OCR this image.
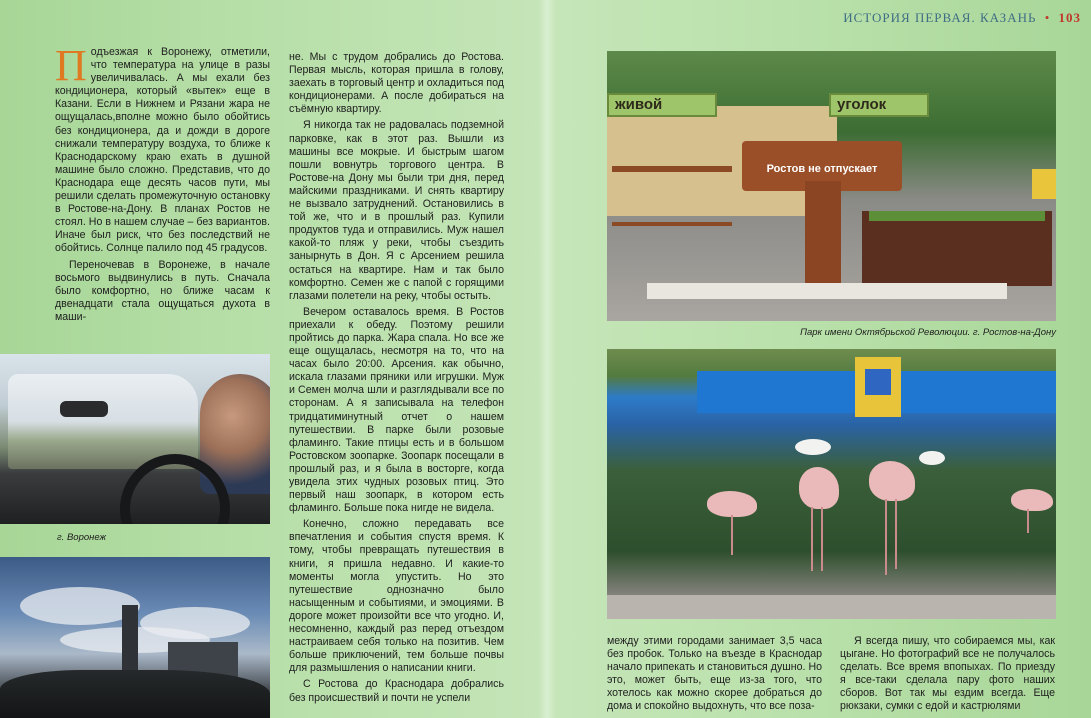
ИСТОРИЯ ПЕРВАЯ. КАЗАНЬ • 103

Подъезжая к Воронежу, отметили, что температура на улице в разы увеличивалась. А мы ехали без кондиционера, который «вытек» еще в Казани. Если в Нижнем и Рязани жара не ощущалась,вполне можно было обойтись без кондиционера, да и дожди в дороге снижали температуру воздуха, то ближе к Краснодарскому краю ехать в душной машине было сложно. Представив, что до Краснодара еще десять часов пути, мы решили сделать промежуточную остановку в Ростове-на-Дону. В планах Ростов не стоял. Но в нашем случае – без вариантов. Иначе был риск, что без последствий не обойтись. Солнце палило под 45 градусов.

Переночевав в Воронеже, в начале восьмого выдвинулись в путь. Сначала было комфортно, но ближе часам к двенадцати стала ощущаться духота в маши-

не. Мы с трудом добрались до Ростова. Первая мысль, которая пришла в голову, заехать в торговый центр и охладиться под кондиционерами. А после добираться на съёмную квартиру.

Я никогда так не радовалась подземной парковке, как в этот раз. Вышли из машины все мокрые. И быстрым шагом пошли вовнутрь торгового центра. В Ростове-на Дону мы были три дня, перед майскими праздниками. И снять квартиру не вызвало затруднений. Остановились в той же, что и в прошлый раз. Купили продуктов туда и отправились. Муж нашел какой-то пляж у реки, чтобы съездить занырнуть в Дон. Я с Арсением решила остаться на квартире. Нам и так было комфортно. Семен же с папой с горящими глазами полетели на реку, чтобы остыть.

Вечером оставалось время. В Ростов приехали к обеду. Поэтому решили пройтись до парка. Жара спала. Но все же еще ощущалась, несмотря на то, что на часах было 20:00. Арсения. как обычно, искала глазами пряники или игрушки. Муж и Семен молча шли и разглядывали все по сторонам. А я записывала на телефон тридцатиминутный отчет о нашем путешествии. В парке были розовые фламинго. Такие птицы есть и в большом Ростовском зоопарке. Зоопарк посещали в прошлый раз, и я была в восторге, когда увидела этих чудных розовых птиц. Это первый наш зоопарк, в котором есть фламинго. Больше пока нигде не видела.

Конечно, сложно передавать все впечатления и события спустя время. К тому, чтобы превращать путешествия в книги, я пришла недавно. И какие-то моменты могла упустить. Но это путешествие однозначно было насыщенным и событиями, и эмоциями. В дороге может произойти все что угодно. И, несомненно, каждый раз перед отъездом настраиваем себя только на позитив. Чем больше приключений, тем больше почвы для размышления о написании книги.

С Ростова до Краснодара добрались без происшествий и почти не успели

г. Воронеж
живой	уголок
Ростов не отпускает
Парк имени Октябрьской Революции. г. Ростов-на-Дону

между этими городами занимает 3,5 часа без пробок. Только на въезде в Краснодар начало припекать и становиться душно. Но это, может быть, еще из-за того, что хотелось как можно скорее добраться до дома и спокойно выдохнуть, что все поза-

Я всегда пишу, что собираемся мы, как цыгане. Но фотографий все не получалось сделать. Все время впопыхах. По приезду я все-таки сделала пару фото наших сборов. Вот так мы ездим всегда. Еще рюкзаки, сумки с едой и кастрюлями
